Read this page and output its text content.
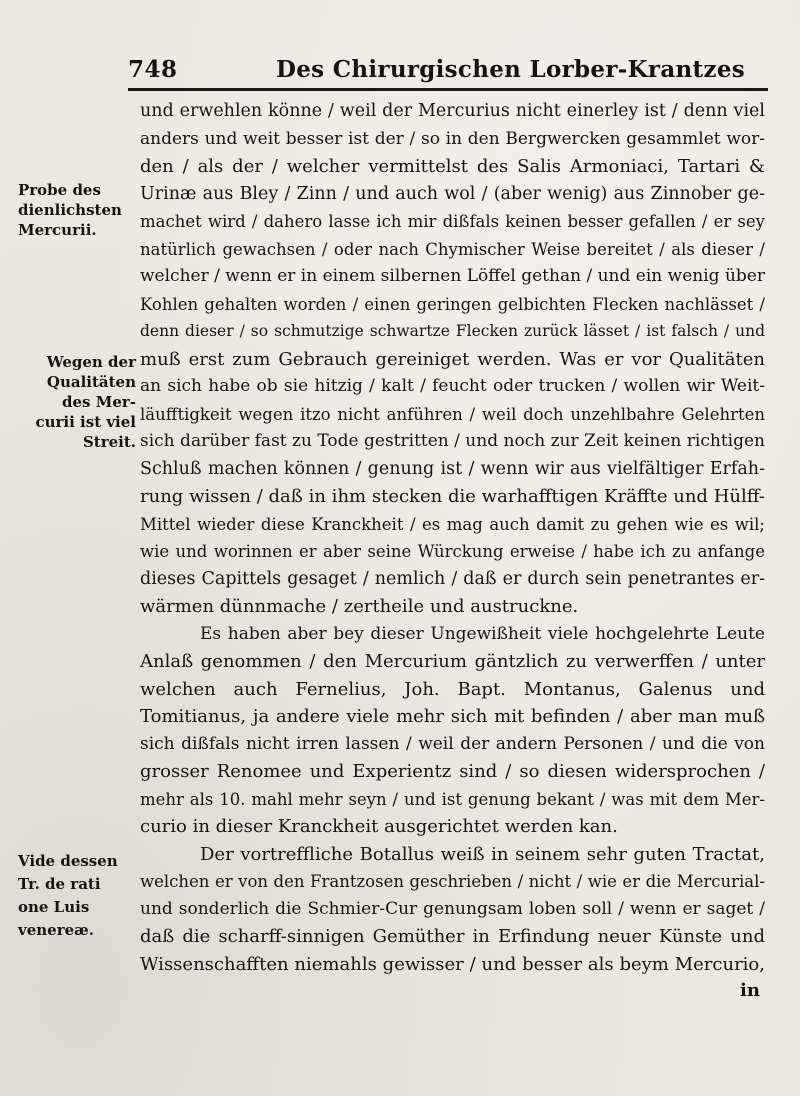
748	Des Chirurgischen Lorber-Krantzes
und erwehlen könne / weil der Mercurius nicht einerley ist / denn viel
anders und weit besser ist der / so in den Bergwercken gesammlet wor-
den / als der / welcher vermittelst des Salis Armoniaci, Tartari &
Urinæ aus Bley / Zinn / und auch wol / (aber wenig) aus Zinnober ge-
machet wird / dahero lasse ich mir dißfals keinen besser gefallen / er sey
natürlich gewachsen / oder nach Chymischer Weise bereitet / als dieser /
welcher / wenn er in einem silbernen Löffel gethan / und ein wenig über
Kohlen gehalten worden / einen geringen gelbichten Flecken nachlässet /
denn dieser / so schmutzige schwartze Flecken zurück lässet / ist falsch / und
muß erst zum Gebrauch gereiniget werden. Was er vor Qualitäten
an sich habe ob sie hitzig / kalt / feucht oder trucken / wollen wir Weit-
läufftigkeit wegen itzo nicht anführen / weil doch unzehlbahre Gelehrten
sich darüber fast zu Tode gestritten / und noch zur Zeit keinen richtigen
Schluß machen können / genung ist / wenn wir aus vielfältiger Erfah-
rung wissen / daß in ihm stecken die warhafftigen Kräffte und Hülff-
Mittel wieder diese Kranckheit / es mag auch damit zu gehen wie es wil;
wie und worinnen er aber seine Würckung erweise / habe ich zu anfange
dieses Capittels gesaget / nemlich / daß er durch sein penetrantes er-
wärmen dünnmache / zertheile und austruckne.
Es haben aber bey dieser Ungewißheit viele hochgelehrte Leute
Anlaß genommen / den Mercurium gäntzlich zu verwerffen / unter
welchen auch Fernelius, Joh. Bapt. Montanus, Galenus und
Tomitianus, ja andere viele mehr sich mit befinden / aber man muß
sich dißfals nicht irren lassen / weil der andern Personen / und die von
grosser Renomee und Experientz sind / so diesen widersprochen /
mehr als 10. mahl mehr seyn / und ist genung bekant / was mit dem Mer-
curio in dieser Kranckheit ausgerichtet werden kan.
Der vortreffliche Botallus weiß in seinem sehr guten Tractat,
welchen er von den Frantzosen geschrieben / nicht / wie er die Mercurial-
und sonderlich die Schmier-Cur genungsam loben soll / wenn er saget /
daß die scharff-sinnigen Gemüther in Erfindung neuer Künste und
Wissenschafften niemahls gewisser / und besser als beym Mercurio,
Probe des
dienlichsten
Mercurii.
Wegen der
Qualitäten
des Mer-
curii ist viel
Streit.
Vide dessen
Tr. de rati
one Luis
venereæ.
in
